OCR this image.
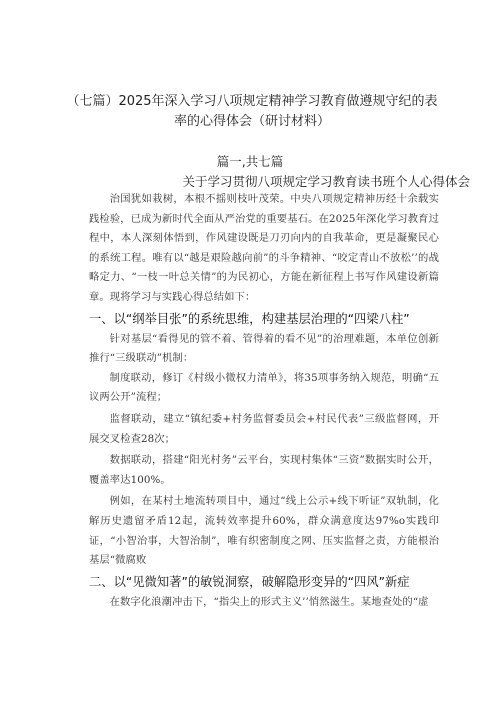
（七篇）2025年深入学习八项规定精神学习教育做遵规守纪的表率的心得体会（研讨材料）
篇一,共七篇
关于学习贯彻八项规定学习教育读书班个人心得体会

治国犹如栽树，本根不摇则枝叶茂荣。中央八项规定精神历经十余载实践检验，已成为新时代全面从严治党的重要基石。在2025年深化学习教育过程中，本人深刻体悟到，作风建设既是刀刃向内的自我革命，更是凝聚民心的系统工程。唯有以“越是艰险越向前”的斗争精神、“咬定青山不放松’’的战略定力、“一枝一叶总关情”的为民初心，方能在新征程上书写作风建设新篇章。现将学习与实践心得总结如下：

一、以“纲举目张”的系统思维，构建基层治理的“四梁八柱”

针对基层“看得见的管不着、管得着的看不见”的治理难题，本单位创新推行“三级联动”机制：

制度联动，修订《村级小微权力清单》，将35项事务纳入规范，明确“五议两公开”流程；

监督联动，建立“镇纪委+村务监督委员会+村民代表”三级监督网，开展交叉检查28次；

数据联动，搭建“阳光村务”云平台，实现村集体“三资”数据实时公开，覆盖率达100%。

例如，在某村土地流转项目中，通过“线上公示+线下听证”双轨制，化解历史遗留矛盾12起，流转效率提升60%，群众满意度达97%o实践印证，“小智治事，大智治制”，唯有织密制度之网、压实监督之责，方能根治基层“微腐败

二、以“见微知著”的敏锐洞察，破解隐形变异的“四风”新症

在数字化浪潮冲击下，“指尖上的形式主义’’悄然滋生。某地查处的“虚
